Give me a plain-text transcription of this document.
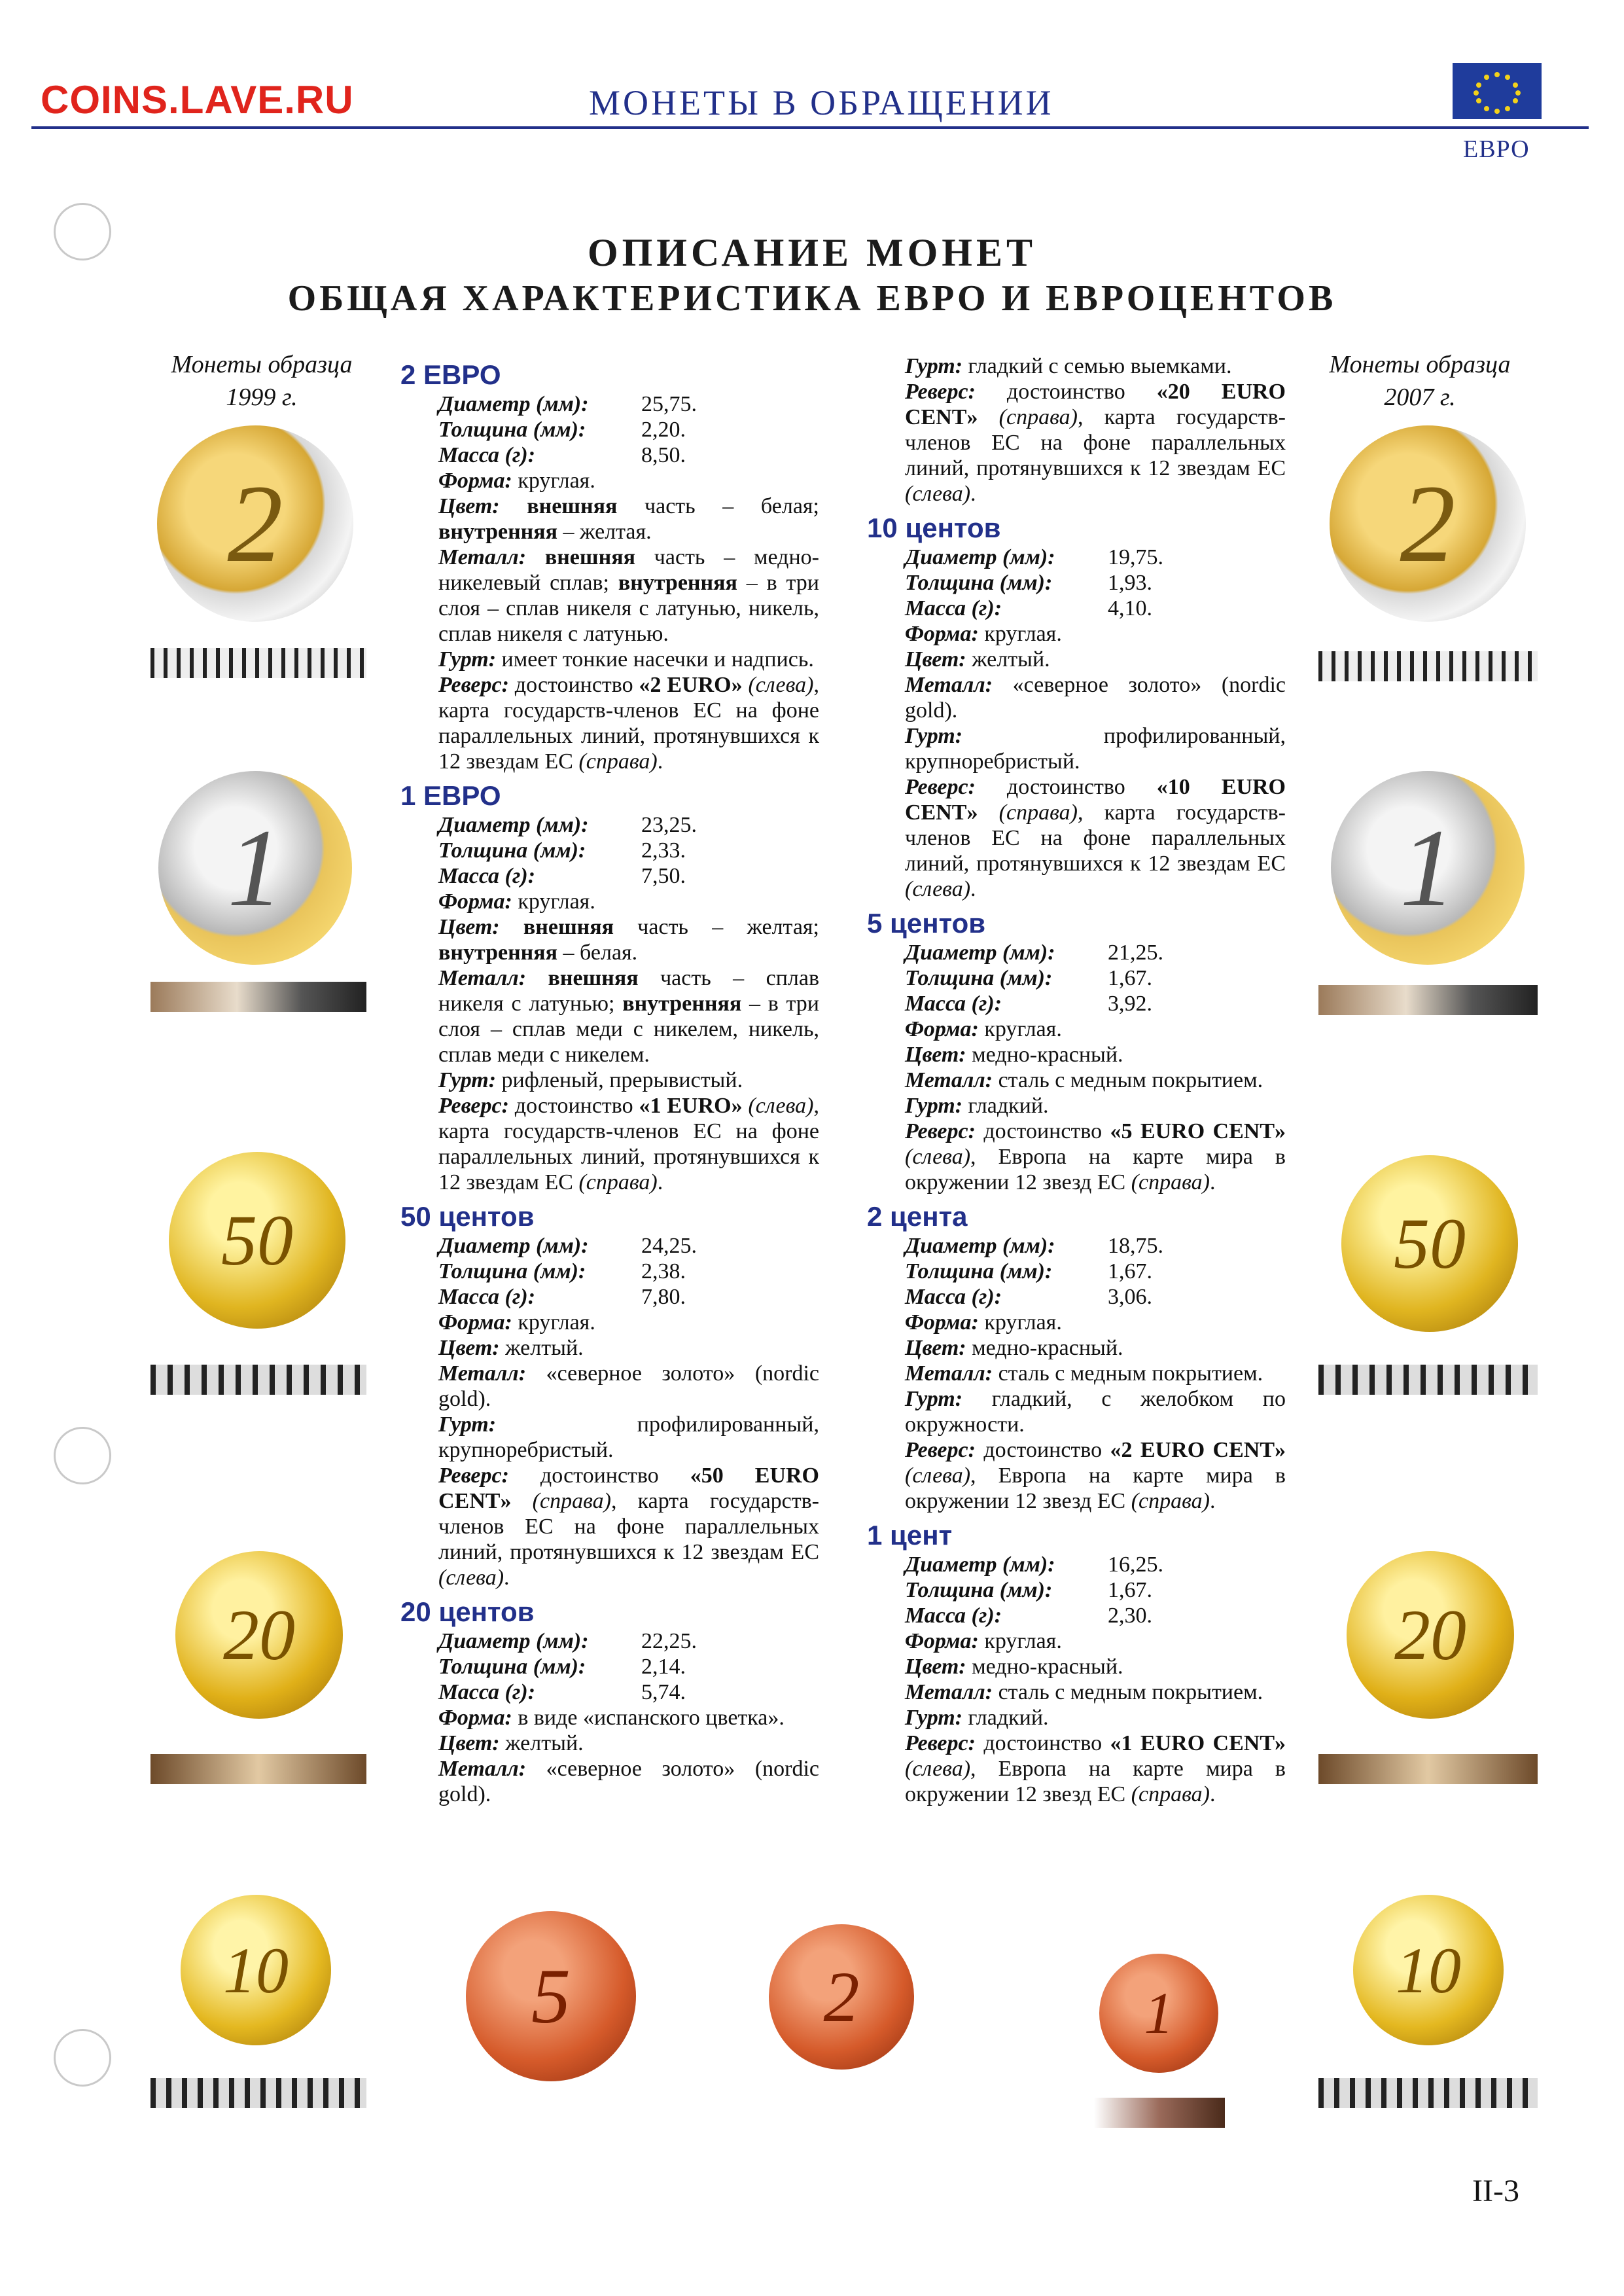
COINS.LAVE.RU	МОНЕТЫ В ОБРАЩЕНИИ
ЕВРО
ОПИСАНИЕ МОНЕТ
ОБЩАЯ ХАРАКТЕРИСТИКА ЕВРО И ЕВРОЦЕНТОВ
Монеты образца
1999 г.
Монеты образца
2007 г.
2
1
50
20
10	5	2	1
2
1
50
20
10
2 ЕВРО
Диаметр (мм):	25,75.
Толщина (мм):	2,20.
Масса (г):	8,50.

Форма: круглая.

Цвет: внешняя часть – белая; внутренняя – желтая.

Металл: внешняя часть – медно-никелевый сплав; внутренняя – в три слоя – сплав никеля с латунью, никель, сплав никеля с латунью.

Гурт: имеет тонкие насечки и надпись.

Реверс: достоинство «2 EURO» (слева), карта государств-членов ЕС на фоне параллельных линий, протянувшихся к 12 звездам ЕС (справа).

1 ЕВРО
Диаметр (мм):	23,25.
Толщина (мм):	2,33.
Масса (г):	7,50.

Форма: круглая.

Цвет: внешняя часть – желтая; внутренняя – белая.

Металл: внешняя часть – сплав никеля с латунью; внутренняя – в три слоя – сплав меди с никелем, никель, сплав меди с никелем.

Гурт: рифленый, прерывистый.

Реверс: достоинство «1 EURO» (слева), карта государств-членов ЕС на фоне параллельных линий, протянувшихся к 12 звездам ЕС (справа).

50 центов
Диаметр (мм):	24,25.
Толщина (мм):	2,38.
Масса (г):	7,80.

Форма: круглая.

Цвет: желтый.

Металл: «северное золото» (nordic gold).

Гурт: профилированный, крупноребристый.

Реверс: достоинство «50 EURO CENT» (справа), карта государств-членов ЕС на фоне параллельных линий, протянувшихся к 12 звездам ЕС (слева).

20 центов
Диаметр (мм):	22,25.
Толщина (мм):	2,14.
Масса (г):	5,74.

Форма: в виде «испанского цветка».

Цвет: желтый.

Металл: «северное золото» (nordic gold).

Гурт: гладкий с семью выемками.

Реверс: достоинство «20 EURO CENT» (справа), карта государств-членов ЕС на фоне параллельных линий, протянувшихся к 12 звездам ЕС (слева).

10 центов
Диаметр (мм):	19,75.
Толщина (мм):	1,93.
Масса (г):	4,10.

Форма: круглая.

Цвет: желтый.

Металл: «северное золото» (nordic gold).

Гурт: профилированный, крупноребристый.

Реверс: достоинство «10 EURO CENT» (справа), карта государств-членов ЕС на фоне параллельных линий, протянувшихся к 12 звездам ЕС (слева).

5 центов
Диаметр (мм):	21,25.
Толщина (мм):	1,67.
Масса (г):	3,92.

Форма: круглая.

Цвет: медно-красный.

Металл: сталь с медным покрытием.

Гурт: гладкий.

Реверс: достоинство «5 EURO CENT» (слева), Европа на карте мира в окружении 12 звезд ЕС (справа).

2 цента
Диаметр (мм):	18,75.
Толщина (мм):	1,67.
Масса (г):	3,06.

Форма: круглая.

Цвет: медно-красный.

Металл: сталь с медным покрытием.

Гурт: гладкий, с желобком по окружности.

Реверс: достоинство «2 EURO CENT» (слева), Европа на карте мира в окружении 12 звезд ЕС (справа).

1 цент
Диаметр (мм):	16,25.
Толщина (мм):	1,67.
Масса (г):	2,30.

Форма: круглая.

Цвет: медно-красный.

Металл: сталь с медным покрытием.

Гурт: гладкий.

Реверс: достоинство «1 EURO CENT» (слева), Европа на карте мира в окружении 12 звезд ЕС (справа).

II-3
